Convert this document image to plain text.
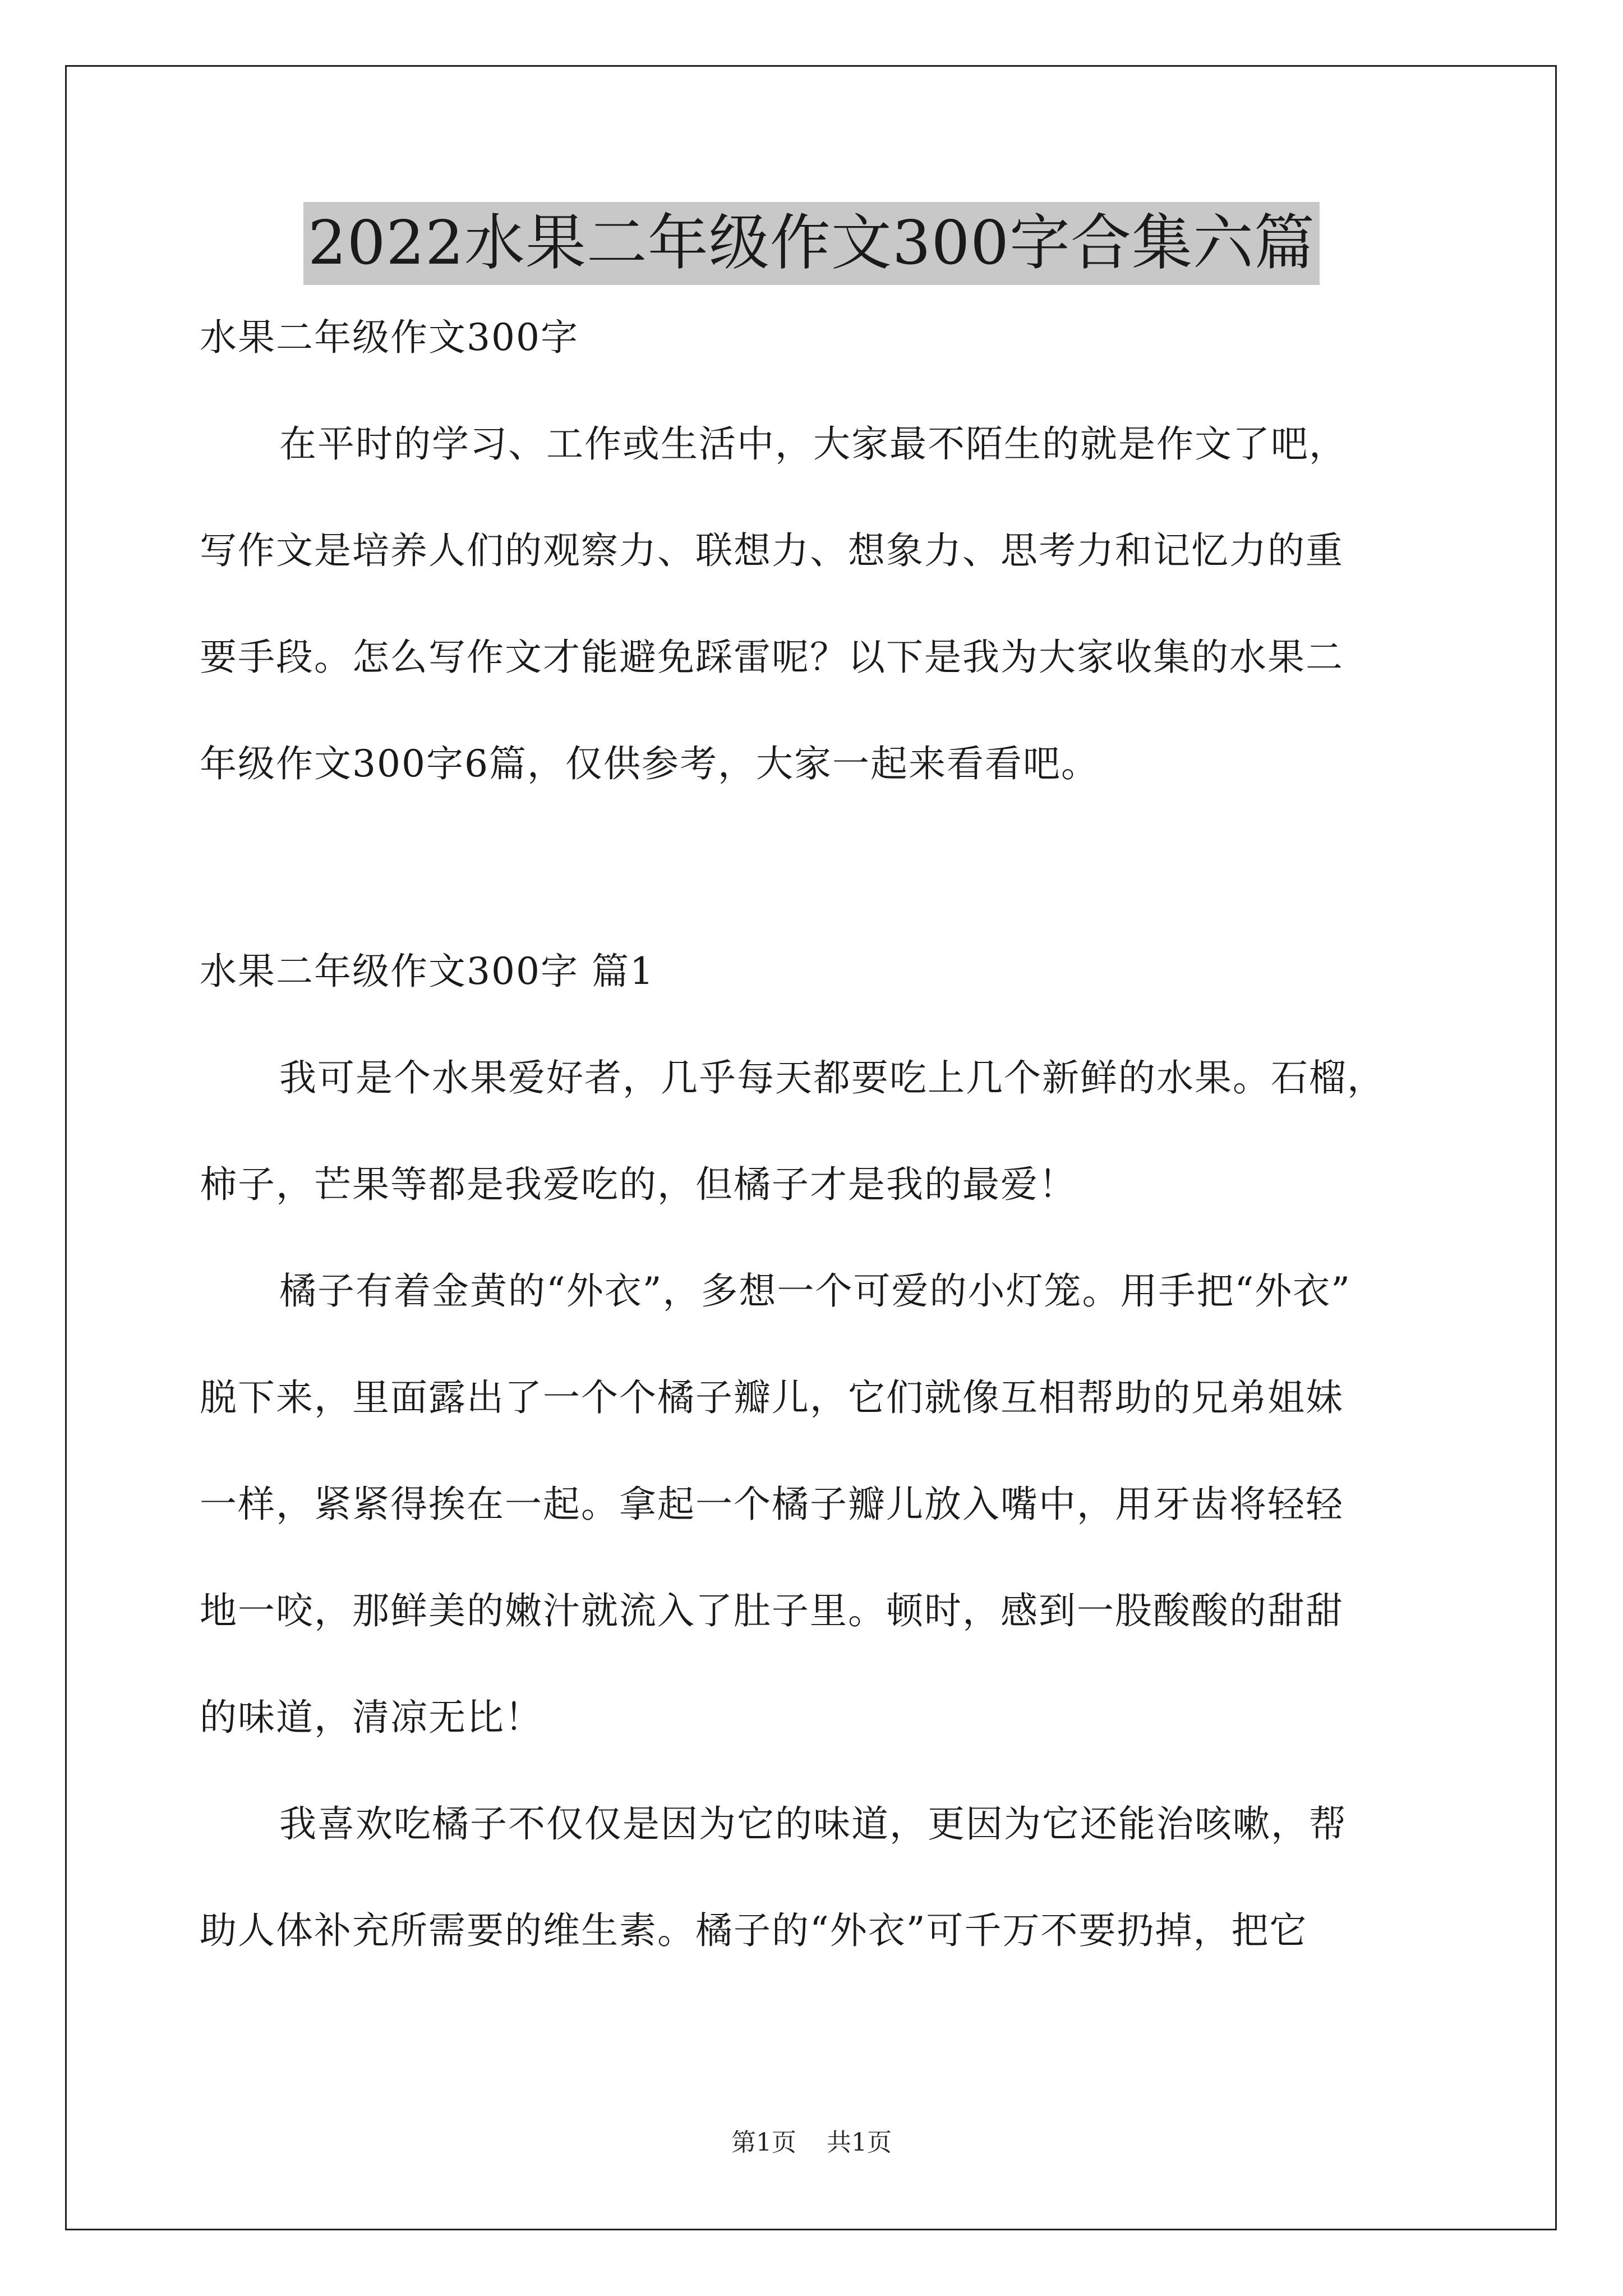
2022水果二年级作文300字合集六篇

水果二年级作文300字

在平时的学习、工作或生活中，大家最不陌生的就是作文了吧，

写作文是培养人们的观察力、联想力、想象力、思考力和记忆力的重

要手段。怎么写作文才能避免踩雷呢？以下是我为大家收集的水果二

年级作文300字6篇，仅供参考，大家一起来看看吧。

水果二年级作文300字 篇1

我可是个水果爱好者，几乎每天都要吃上几个新鲜的水果。石榴，

柿子，芒果等都是我爱吃的，但橘子才是我的最爱！

橘子有着金黄的“外衣”，多想一个可爱的小灯笼。用手把“外衣”

脱下来，里面露出了一个个橘子瓣儿，它们就像互相帮助的兄弟姐妹

一样，紧紧得挨在一起。拿起一个橘子瓣儿放入嘴中，用牙齿将轻轻

地一咬，那鲜美的嫩汁就流入了肚子里。顿时，感到一股酸酸的甜甜

的味道，清凉无比！

我喜欢吃橘子不仅仅是因为它的味道，更因为它还能治咳嗽，帮

助人体补充所需要的维生素。橘子的“外衣”可千万不要扔掉，把它

第1页 共1页
